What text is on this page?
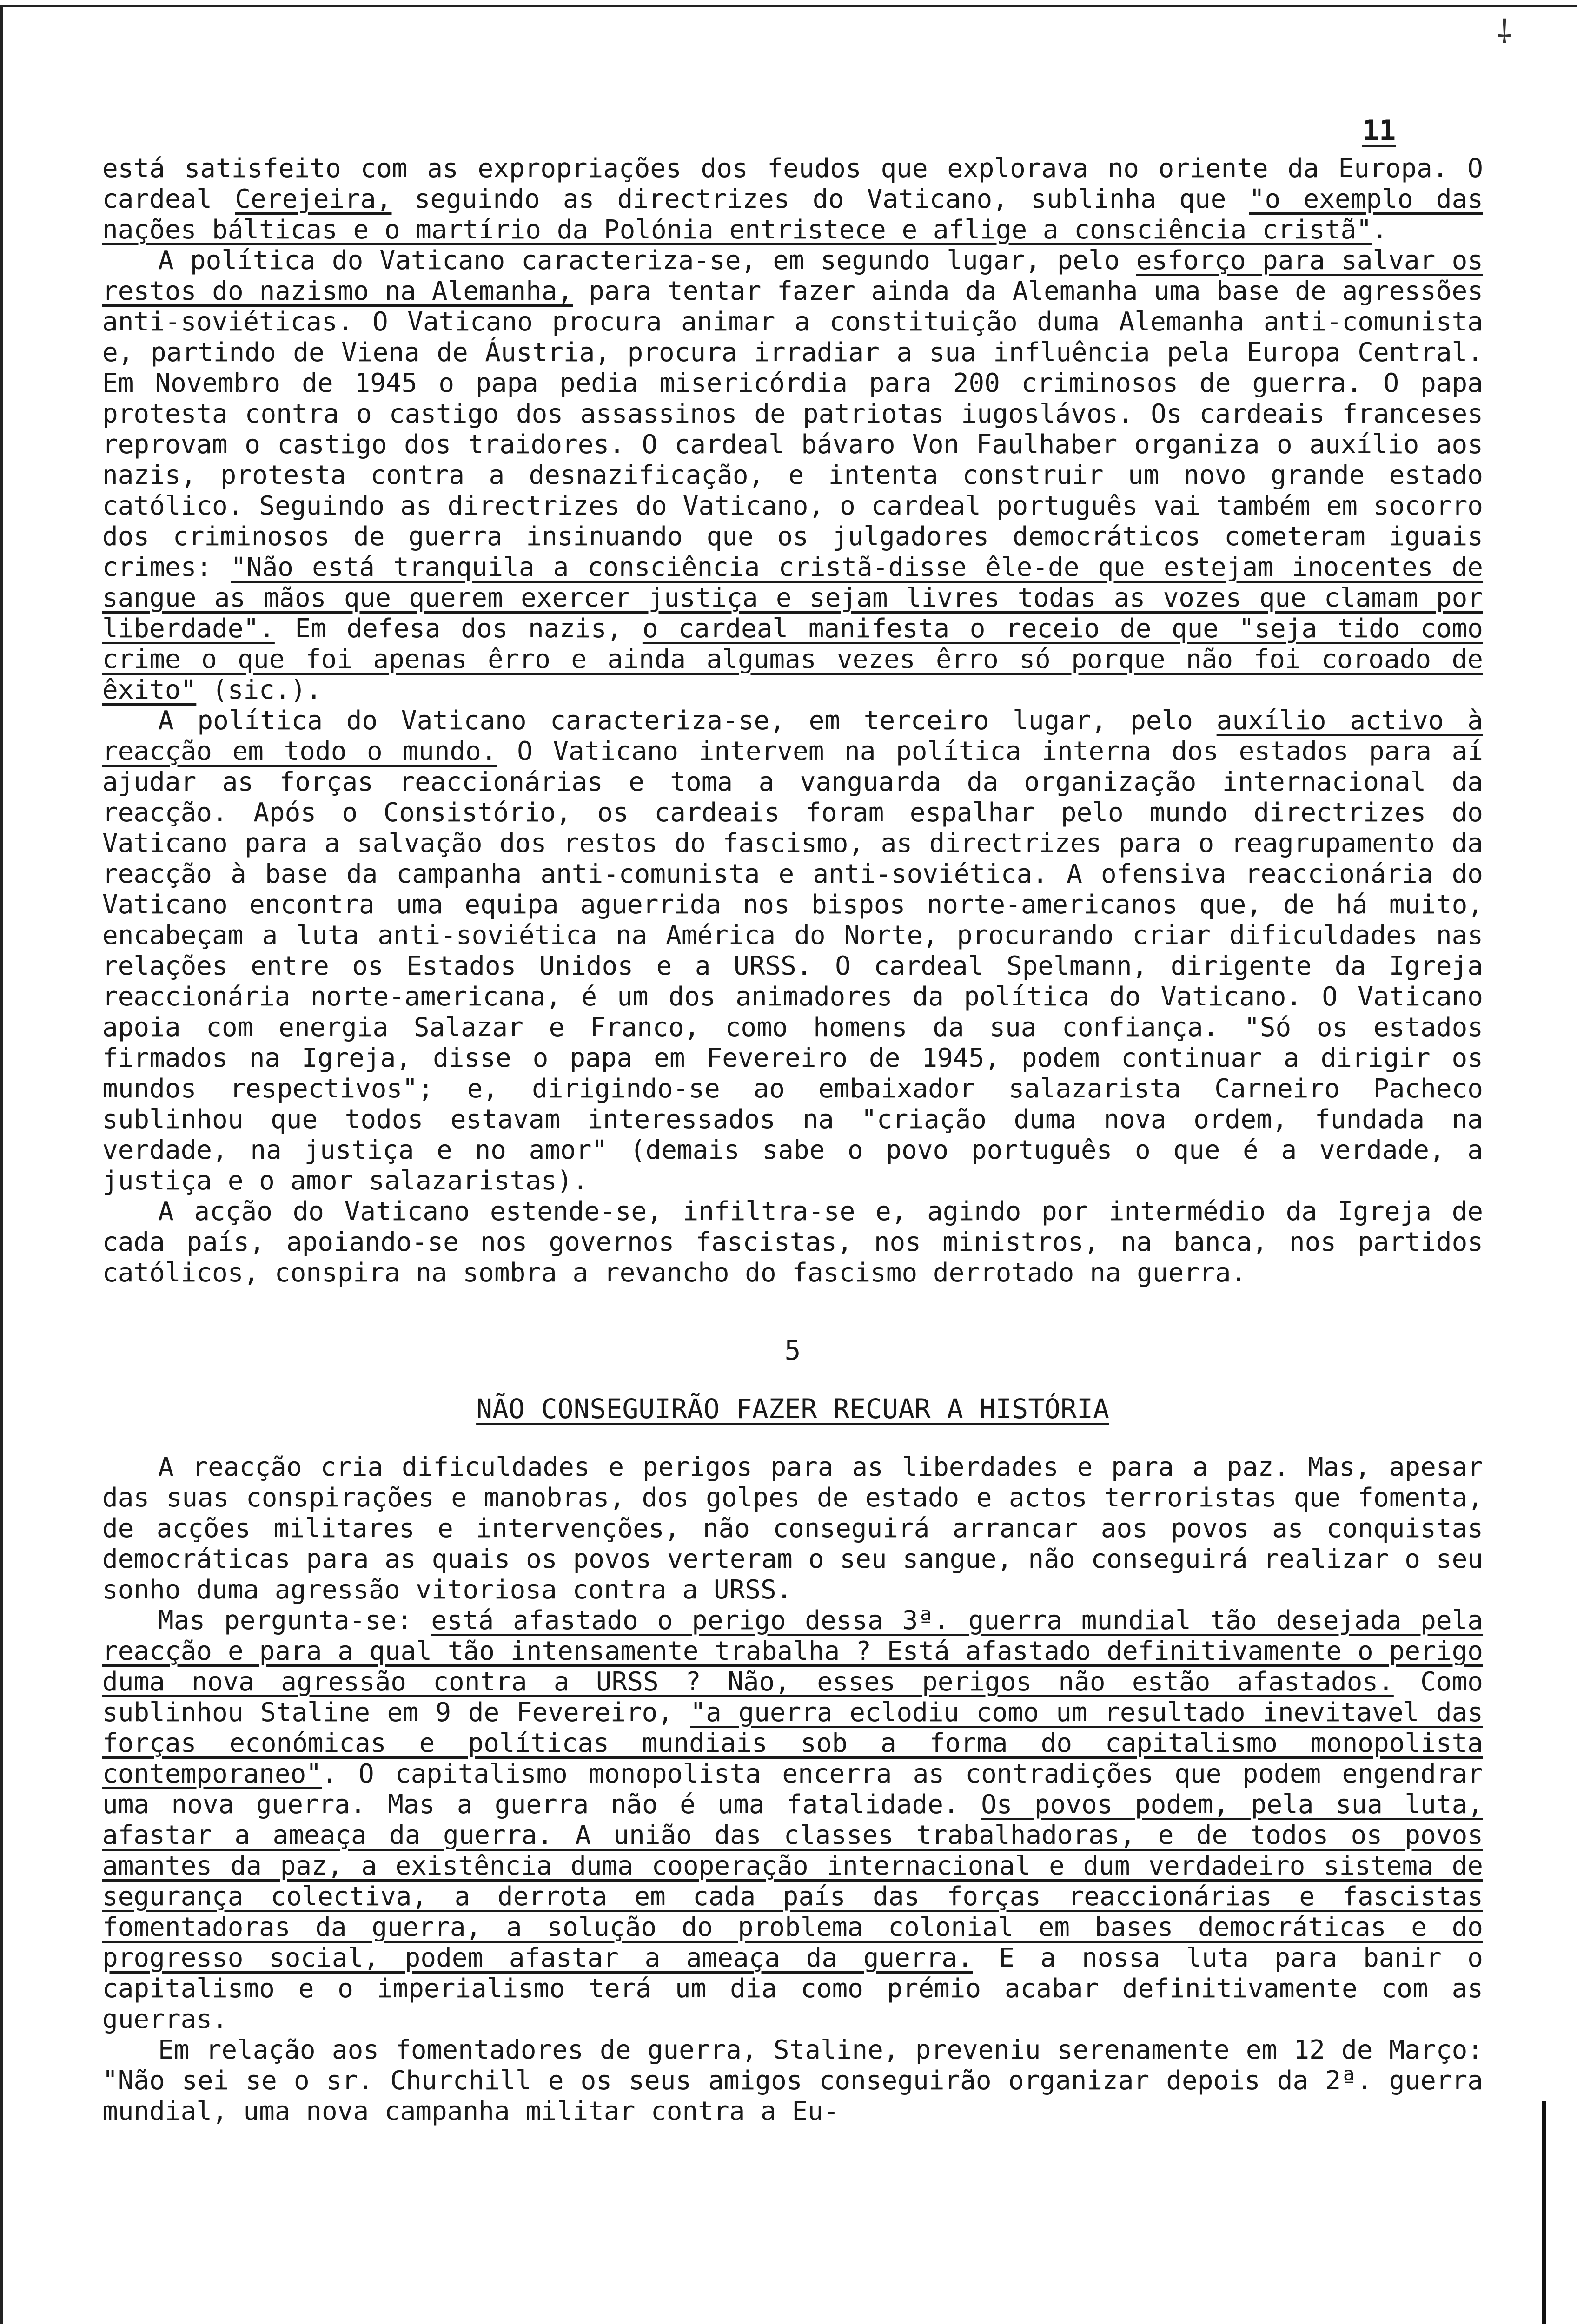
⸸
11

está satisfeito com as expropriações dos feudos que explorava no oriente da Europa. O cardeal Cerejeira, seguindo as directrizes do Vaticano, sublinha que "o exemplo das nações bálticas e o martírio da Polónia entristece e aflige a consciência cristã".

A política do Vaticano caracteriza-se, em segundo lugar, pelo esforço para salvar os restos do nazismo na Alemanha, para tentar fazer ainda da Alemanha uma base de agressões anti-soviéticas. O Vaticano procura animar a constituição duma Alemanha anti-comunista e, partindo de Viena de Áustria, procura irradiar a sua influência pela Europa Central. Em Novembro de 1945 o papa pedia misericórdia para 200 criminosos de guerra. O papa protesta contra o castigo dos assassinos de patriotas iugoslávos. Os cardeais franceses reprovam o castigo dos traidores. O cardeal bávaro Von Faulhaber organiza o auxílio aos nazis, protesta contra a desnazificação, e intenta construir um novo grande estado católico. Seguindo as directrizes do Vaticano, o cardeal português vai também em socorro dos criminosos de guerra insinuando que os julgadores democráticos cometeram iguais crimes: "Não está tranquila a consciência cristã-disse êle-de que estejam inocentes de sangue as mãos que querem exercer justiça e sejam livres todas as vozes que clamam por liberdade". Em defesa dos nazis, o cardeal manifesta o receio de que "seja tido como crime o que foi apenas êrro e ainda algumas vezes êrro só porque não foi coroado de êxito" (sic.).

A política do Vaticano caracteriza-se, em terceiro lugar, pelo auxílio activo à reacção em todo o mundo. O Vaticano intervem na política interna dos estados para aí ajudar as forças reaccionárias e toma a vanguarda da organização internacional da reacção. Após o Consistório, os cardeais foram espalhar pelo mundo directrizes do Vaticano para a salvação dos restos do fascismo, as directrizes para o reagrupamento da reacção à base da campanha anti-comunista e anti-soviética. A ofensiva reaccionária do Vaticano encontra uma equipa aguerrida nos bispos norte-americanos que, de há muito, encabeçam a luta anti-soviética na América do Norte, procurando criar dificuldades nas relações entre os Estados Unidos e a URSS. O cardeal Spelmann, dirigente da Igreja reaccionária norte-americana, é um dos animadores da política do Vaticano. O Vaticano apoia com energia Salazar e Franco, como homens da sua confiança. "Só os estados firmados na Igreja, disse o papa em Fevereiro de 1945, podem continuar a dirigir os mundos respectivos"; e, dirigindo-se ao embaixador salazarista Carneiro Pacheco sublinhou que todos estavam interessados na "criação duma nova ordem, fundada na verdade, na justiça e no amor" (demais sabe o povo português o que é a verdade, a justiça e o amor salazaristas).

A acção do Vaticano estende-se, infiltra-se e, agindo por intermédio da Igreja de cada país, apoiando-se nos governos fascistas, nos ministros, na banca, nos partidos católicos, conspira na sombra a revancho do fascismo derrotado na guerra.

5
NÃO CONSEGUIRÃO FAZER RECUAR A HISTÓRIA

A reacção cria dificuldades e perigos para as liberdades e para a paz. Mas, apesar das suas conspirações e manobras, dos golpes de estado e actos terroristas que fomenta, de acções militares e intervenções, não conseguirá arrancar aos povos as conquistas democráticas para as quais os povos verteram o seu sangue, não conseguirá realizar o seu sonho duma agressão vitoriosa contra a URSS.

Mas pergunta-se: está afastado o perigo dessa 3ª. guerra mundial tão desejada pela reacção e para a qual tão intensamente trabalha ? Está afastado definitivamente o perigo duma nova agressão contra a URSS ? Não, esses perigos não estão afastados. Como sublinhou Staline em 9 de Fevereiro, "a guerra eclodiu como um resultado inevitavel das forças económicas e políticas mundiais sob a forma do capitalismo monopolista contemporaneo". O capitalismo monopolista encerra as contradições que podem engendrar uma nova guerra. Mas a guerra não é uma fatalidade. Os povos podem, pela sua luta, afastar a ameaça da guerra. A união das classes trabalhadoras, e de todos os povos amantes da paz, a existência duma cooperação internacional e dum verdadeiro sistema de segurança colectiva, a derrota em cada país das forças reaccionárias e fascistas fomentadoras da guerra, a solução do problema colonial em bases democráticas e do progresso social, podem afastar a ameaça da guerra. E a nossa luta para banir o capitalismo e o imperialismo terá um dia como prémio acabar definitivamente com as guerras.

Em relação aos fomentadores de guerra, Staline, preveniu serenamente em 12 de Março: "Não sei se o sr. Churchill e os seus amigos conseguirão organizar depois da 2ª. guerra mundial, uma nova campanha militar contra a Eu-
